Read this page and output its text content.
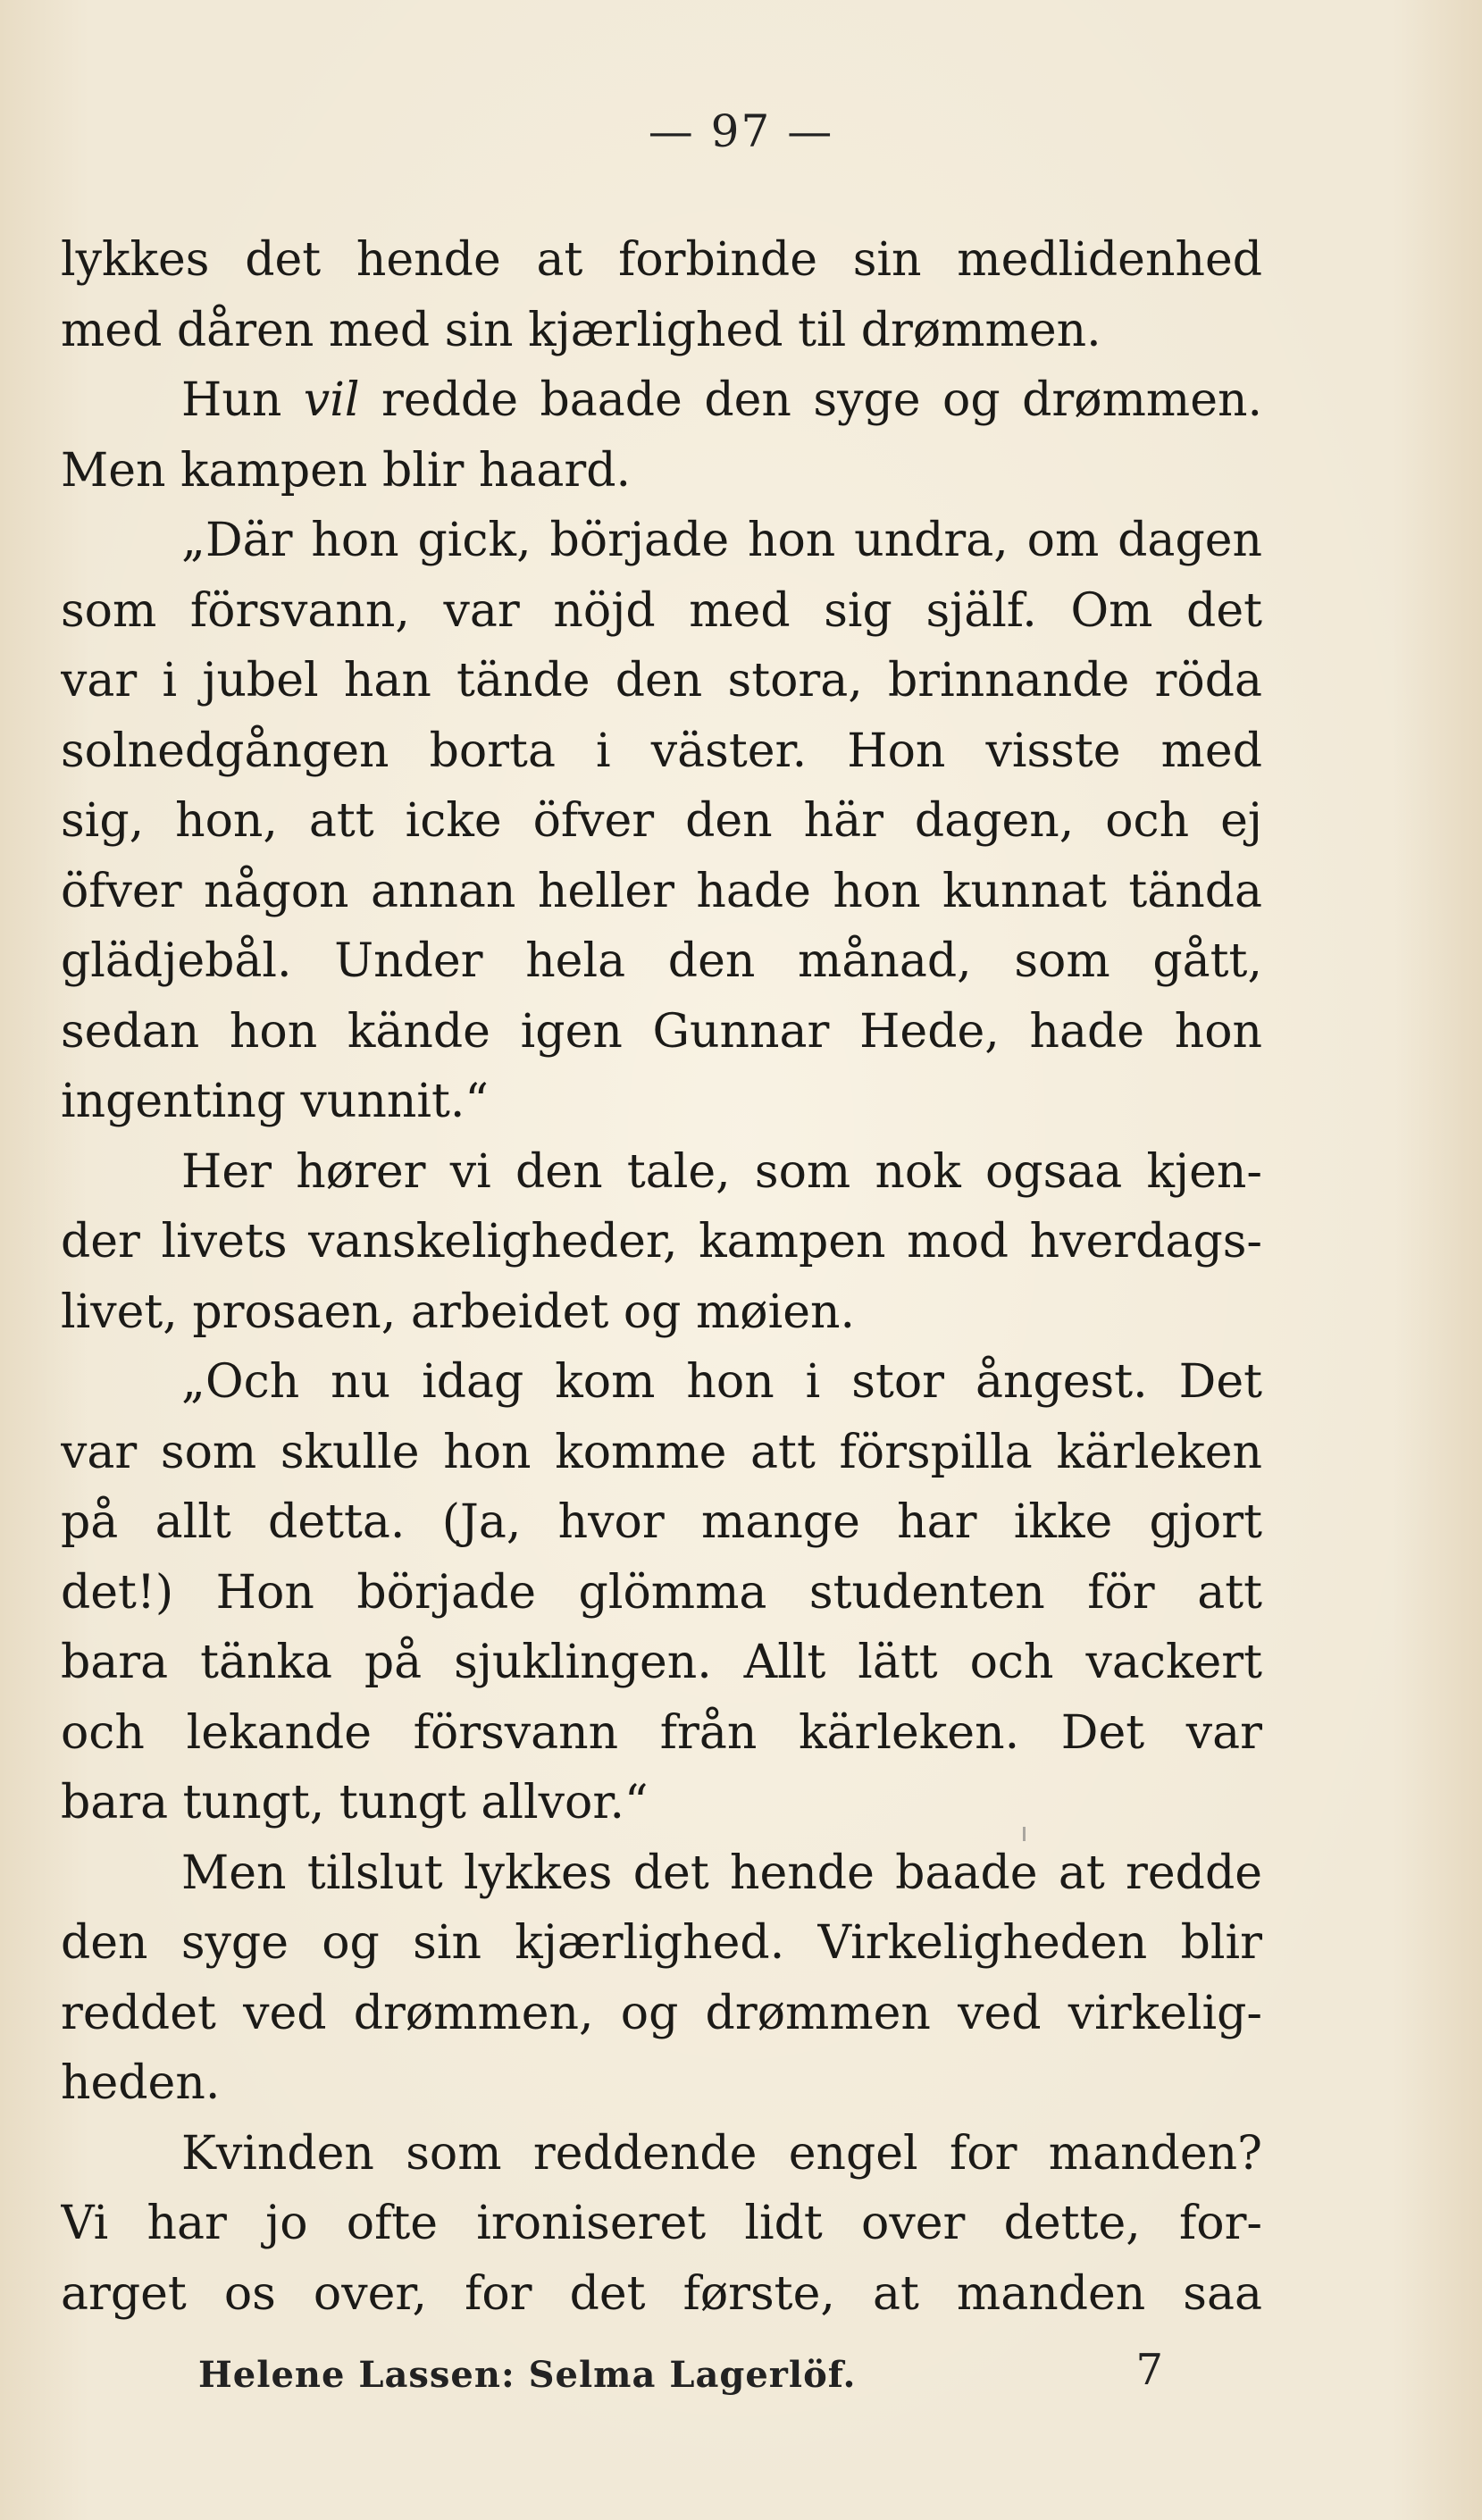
— 97 —
lykkes det hende at forbinde sin medlidenhed
med dåren med sin kjærlighed til drømmen.
Hun vil redde baade den syge og drømmen.
Men kampen blir haard.
„Där hon gick, började hon undra, om dagen
som försvann, var nöjd med sig själf. Om det
var i jubel han tände den stora, brinnande röda
solnedgången borta i väster. Hon visste med
sig, hon, att icke öfver den här dagen, och ej
öfver någon annan heller hade hon kunnat tända
glädjebål. Under hela den månad, som gått,
sedan hon kände igen Gunnar Hede, hade hon
ingenting vunnit.“
Her hører vi den tale, som nok ogsaa kjen-
der livets vanskeligheder, kampen mod hverdags-
livet, prosaen, arbeidet og møien.
„Och nu idag kom hon i stor ångest. Det
var som skulle hon komme att förspilla kärleken
på allt detta. (Ja, hvor mange har ikke gjort
det!) Hon började glömma studenten för att
bara tänka på sjuklingen. Allt lätt och vackert
och lekande försvann från kärleken. Det var
bara tungt, tungt allvor.“
Men tilslut lykkes det hende baade at redde
den syge og sin kjærlighed. Virkeligheden blir
reddet ved drømmen, og drømmen ved virkelig-
heden.
Kvinden som reddende engel for manden?
Vi har jo ofte ironiseret lidt over dette, for-
arget os over, for det første, at manden saa
Helene Lassen: Selma Lagerlöf.	7
